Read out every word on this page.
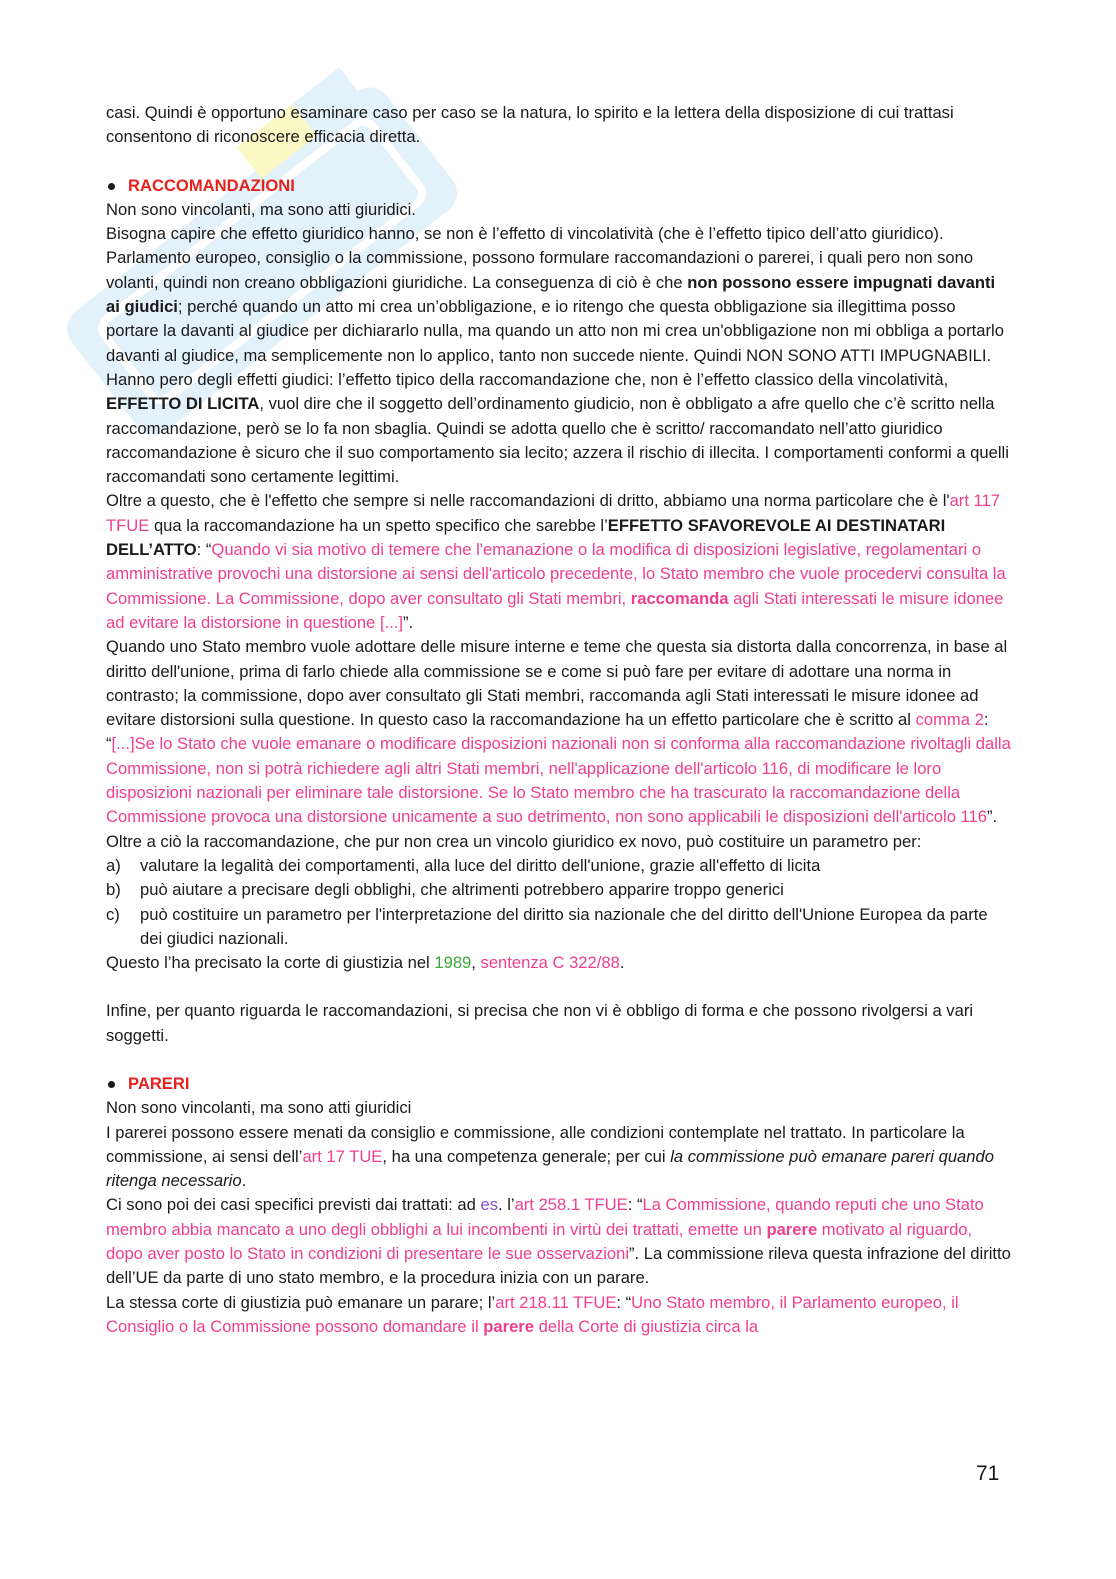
casi. Quindi è opportuno esaminare caso per caso se la natura, lo spirito e la lettera della disposizione di cui trattasi consentono di riconoscere efficacia diretta.

RACCOMANDAZIONI

Non sono vincolanti, ma sono atti giuridici.

Bisogna capire che effetto giuridico hanno, se non è l’effetto di vincolatività (che è l’effetto tipico dell’atto giuridico).

Parlamento europeo, consiglio o la commissione, possono formulare raccomandazioni o parerei, i quali pero non sono volanti, quindi non creano obbligazioni giuridiche. La conseguenza di ciò è che non possono essere impugnati davanti ai giudici; perché quando un atto mi crea un’obbligazione, e io ritengo che questa obbligazione sia illegittima posso portare la davanti al giudice per dichiararlo nulla, ma quando un atto non mi crea un'obbligazione non mi obbliga a portarlo davanti al giudice, ma semplicemente non lo applico, tanto non succede niente. Quindi NON SONO ATTI IMPUGNABILI.

Hanno pero degli effetti giudici: l’effetto tipico della raccomandazione che, non è l’effetto classico della vincolatività, EFFETTO DI LICITA, vuol dire che il soggetto dell’ordinamento giudicio, non è obbligato a afre quello che c’è scritto nella raccomandazione, però se lo fa non sbaglia. Quindi se adotta quello che è scritto/ raccomandato nell’atto giuridico raccomandazione è sicuro che il suo comportamento sia lecito; azzera il rischio di illecita. I comportamenti conformi a quelli raccomandati sono certamente legittimi.

Oltre a questo, che è l'effetto che sempre si nelle raccomandazioni di dritto, abbiamo una norma particolare che è l'art 117 TFUE qua la raccomandazione ha un spetto specifico che sarebbe l’EFFETTO SFAVOREVOLE AI DESTINATARI DELL’ATTO: “Quando vi sia motivo di temere che l'emanazione o la modifica di disposizioni legislative, regolamentari o amministrative provochi una distorsione ai sensi dell'articolo precedente, lo Stato membro che vuole procedervi consulta la Commissione. La Commissione, dopo aver consultato gli Stati membri, raccomanda agli Stati interessati le misure idonee ad evitare la distorsione in questione [...]”.

Quando uno Stato membro vuole adottare delle misure interne e teme che questa sia distorta dalla concorrenza, in base al diritto dell'unione, prima di farlo chiede alla commissione se e come si può fare per evitare di adottare una norma in contrasto; la commissione, dopo aver consultato gli Stati membri, raccomanda agli Stati interessati le misure idonee ad evitare distorsioni sulla questione. In questo caso la raccomandazione ha un effetto particolare che è scritto al comma 2: “[...]Se lo Stato che vuole emanare o modificare disposizioni nazionali non si conforma alla raccomandazione rivoltagli dalla Commissione, non si potrà richiedere agli altri Stati membri, nell'applicazione dell'articolo 116, di modificare le loro disposizioni nazionali per eliminare tale distorsione. Se lo Stato membro che ha trascurato la raccomandazione della Commissione provoca una distorsione unicamente a suo detrimento, non sono applicabili le disposizioni dell'articolo 116”. Oltre a ciò la raccomandazione, che pur non crea un vincolo giuridico ex novo, può costituire un parametro per:

a)	valutare la legalità dei comportamenti, alla luce del diritto dell'unione, grazie all'effetto di licita
b)	può aiutare a precisare degli obblighi, che altrimenti potrebbero apparire troppo generici
c)	può costituire un parametro per l'interpretazione del diritto sia nazionale che del diritto dell'Unione Europea da parte dei giudici nazionali.

Questo l’ha precisato la corte di giustizia nel 1989, sentenza C 322/88.

Infine, per quanto riguarda le raccomandazioni, si precisa che non vi è obbligo di forma e che possono rivolgersi a vari soggetti.

PARERI

Non sono vincolanti, ma sono atti giuridici

I parerei possono essere menati da consiglio e commissione, alle condizioni contemplate nel trattato. In particolare la commissione, ai sensi dell’art 17 TUE, ha una competenza generale; per cui la commissione può emanare pareri quando ritenga necessario.

Ci sono poi dei casi specifici previsti dai trattati: ad es. l’art 258.1 TFUE: “La Commissione, quando reputi che uno Stato membro abbia mancato a uno degli obblighi a lui incombenti in virtù dei trattati, emette un parere motivato al riguardo, dopo aver posto lo Stato in condizioni di presentare le sue osservazioni”. La commissione rileva questa infrazione del diritto dell’UE da parte di uno stato membro, e la procedura inizia con un parare.

La stessa corte di giustizia può emanare un parare; l’art 218.11 TFUE: “Uno Stato membro, il Parlamento europeo, il Consiglio o la Commissione possono domandare il parere della Corte di giustizia circa la

71
